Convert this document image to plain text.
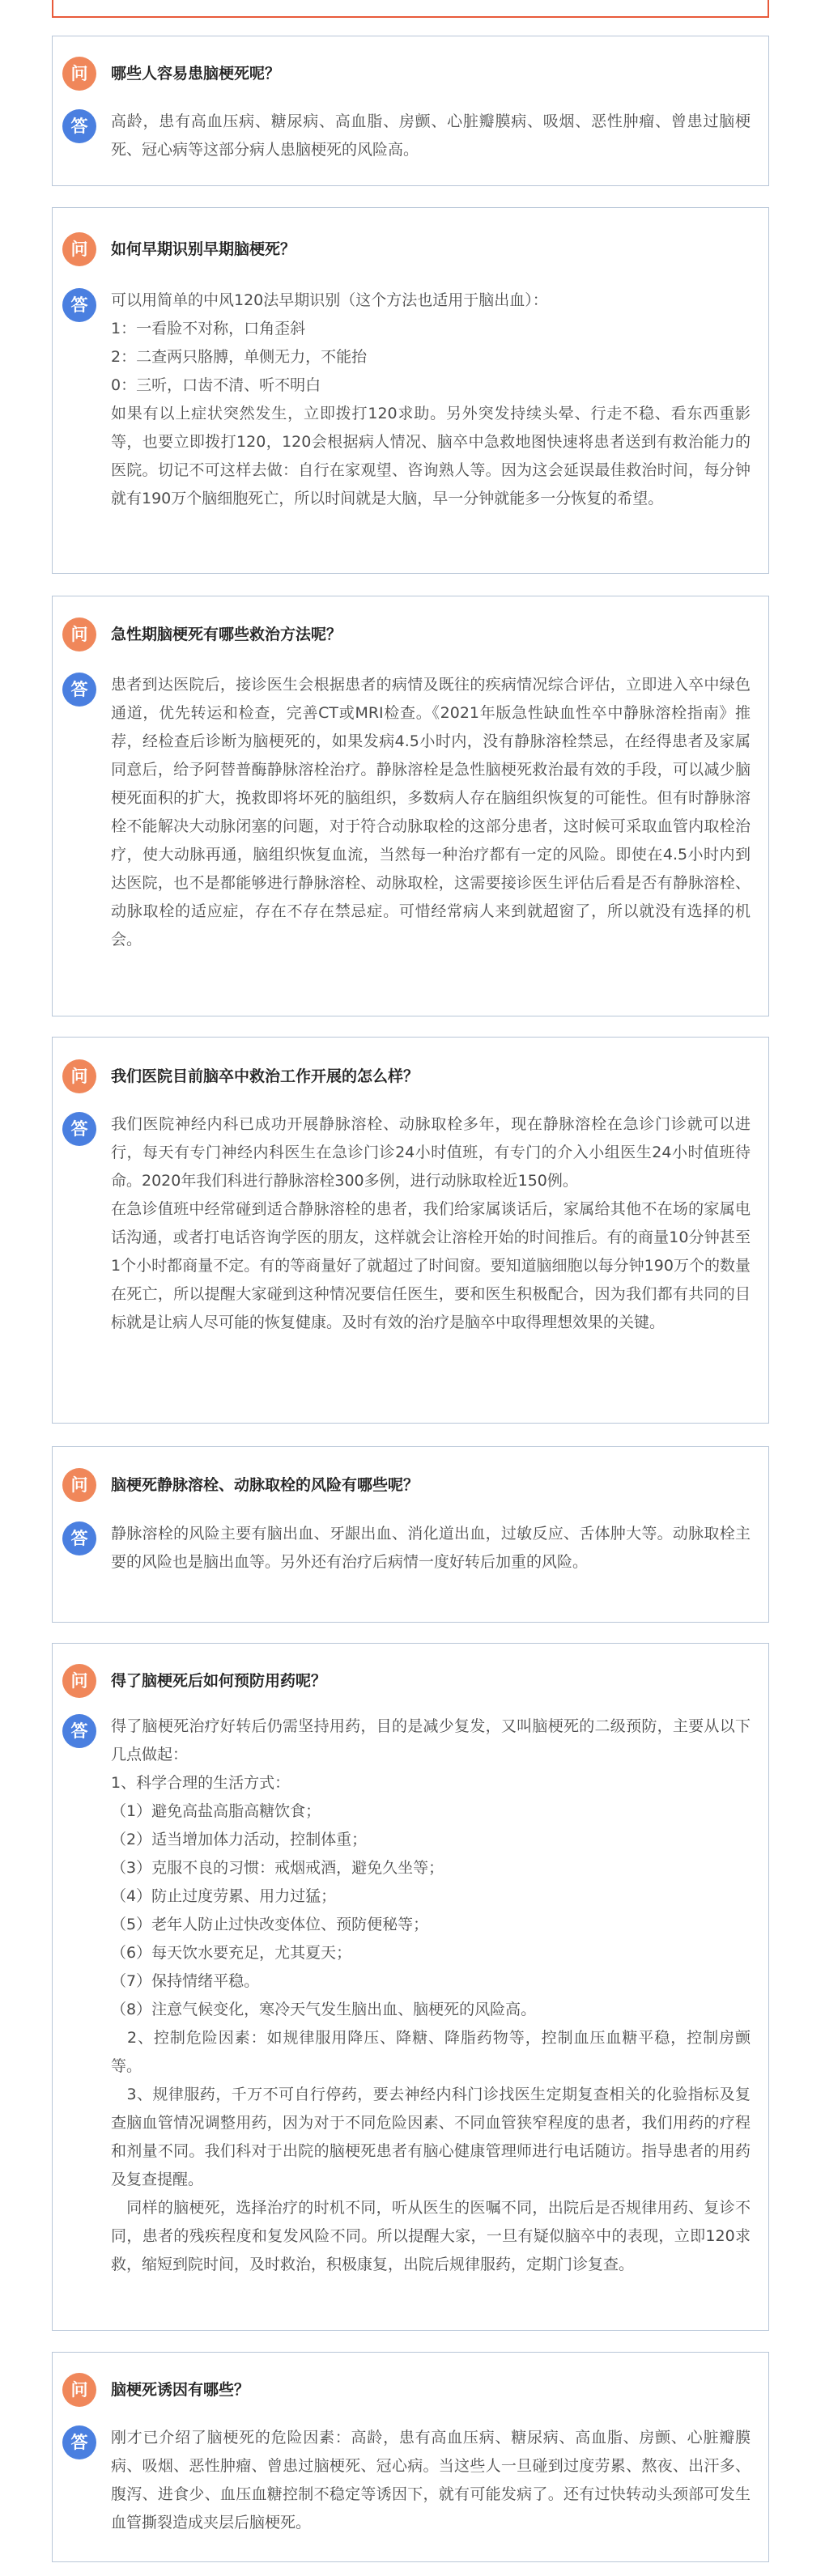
问	哪些人容易患脑梗死呢？
答	高龄，患有高血压病、糖尿病、高血脂、房颤、心脏瓣膜病、吸烟、恶性肿瘤、曾患过脑梗死、冠心病等这部分病人患脑梗死的风险高。

问	如何早期识别早期脑梗死？
答	可以用简单的中风120法早期识别（这个方法也适用于脑出血）：

1：一看脸不对称，口角歪斜

2：二查两只胳膊，单侧无力，不能抬

0：三听，口齿不清、听不明白

如果有以上症状突然发生，立即拨打120求助。另外突发持续头晕、行走不稳、看东西重影等，也要立即拨打120，120会根据病人情况、脑卒中急救地图快速将患者送到有救治能力的医院。切记不可这样去做：自行在家观望、咨询熟人等。因为这会延误最佳救治时间，每分钟就有190万个脑细胞死亡，所以时间就是大脑，早一分钟就能多一分恢复的希望。

问	急性期脑梗死有哪些救治方法呢？
答	患者到达医院后，接诊医生会根据患者的病情及既往的疾病情况综合评估，立即进入卒中绿色通道，优先转运和检查，完善CT或MRI检查。《2021年版急性缺血性卒中静脉溶栓指南》推荐，经检查后诊断为脑梗死的，如果发病4.5小时内，没有静脉溶栓禁忌，在经得患者及家属同意后，给予阿替普酶静脉溶栓治疗。静脉溶栓是急性脑梗死救治最有效的手段，可以减少脑梗死面积的扩大，挽救即将坏死的脑组织，多数病人存在脑组织恢复的可能性。但有时静脉溶栓不能解决大动脉闭塞的问题，对于符合动脉取栓的这部分患者，这时候可采取血管内取栓治疗，使大动脉再通，脑组织恢复血流，当然每一种治疗都有一定的风险。即使在4.5小时内到达医院，也不是都能够进行静脉溶栓、动脉取栓，这需要接诊医生评估后看是否有静脉溶栓、动脉取栓的适应症，存在不存在禁忌症。可惜经常病人来到就超窗了，所以就没有选择的机会。

问	我们医院目前脑卒中救治工作开展的怎么样？
答	我们医院神经内科已成功开展静脉溶栓、动脉取栓多年，现在静脉溶栓在急诊门诊就可以进行，每天有专门神经内科医生在急诊门诊24小时值班，有专门的介入小组医生24小时值班待命。2020年我们科进行静脉溶栓300多例，进行动脉取栓近150例。

在急诊值班中经常碰到适合静脉溶栓的患者，我们给家属谈话后，家属给其他不在场的家属电话沟通，或者打电话咨询学医的朋友，这样就会让溶栓开始的时间推后。有的商量10分钟甚至1个小时都商量不定。有的等商量好了就超过了时间窗。要知道脑细胞以每分钟190万个的数量在死亡，所以提醒大家碰到这种情况要信任医生，要和医生积极配合，因为我们都有共同的目标就是让病人尽可能的恢复健康。及时有效的治疗是脑卒中取得理想效果的关键。

问	脑梗死静脉溶栓、动脉取栓的风险有哪些呢？
答	静脉溶栓的风险主要有脑出血、牙龈出血、消化道出血，过敏反应、舌体肿大等。动脉取栓主要的风险也是脑出血等。另外还有治疗后病情一度好转后加重的风险。

问	得了脑梗死后如何预防用药呢？
答	得了脑梗死治疗好转后仍需坚持用药，目的是减少复发，又叫脑梗死的二级预防，主要从以下几点做起：

1、科学合理的生活方式：

（1）避免高盐高脂高糖饮食；

（2）适当增加体力活动，控制体重；

（3）克服不良的习惯：戒烟戒酒，避免久坐等；

（4）防止过度劳累、用力过猛；

（5）老年人防止过快改变体位、预防便秘等；

（6）每天饮水要充足，尤其夏天；

（7）保持情绪平稳。

（8）注意气候变化，寒冷天气发生脑出血、脑梗死的风险高。

　2、控制危险因素：如规律服用降压、降糖、降脂药物等，控制血压血糖平稳，控制房颤等。

　3、规律服药，千万不可自行停药，要去神经内科门诊找医生定期复查相关的化验指标及复查脑血管情况调整用药，因为对于不同危险因素、不同血管狭窄程度的患者，我们用药的疗程和剂量不同。我们科对于出院的脑梗死患者有脑心健康管理师进行电话随访。指导患者的用药及复查提醒。

　同样的脑梗死，选择治疗的时机不同，听从医生的医嘱不同，出院后是否规律用药、复诊不同，患者的残疾程度和复发风险不同。所以提醒大家，一旦有疑似脑卒中的表现，立即120求救，缩短到院时间，及时救治，积极康复，出院后规律服药，定期门诊复查。

问	脑梗死诱因有哪些？
答	刚才已介绍了脑梗死的危险因素：高龄，患有高血压病、糖尿病、高血脂、房颤、心脏瓣膜病、吸烟、恶性肿瘤、曾患过脑梗死、冠心病。当这些人一旦碰到过度劳累、熬夜、出汗多、腹泻、进食少、血压血糖控制不稳定等诱因下，就有可能发病了。还有过快转动头颈部可发生血管撕裂造成夹层后脑梗死。
